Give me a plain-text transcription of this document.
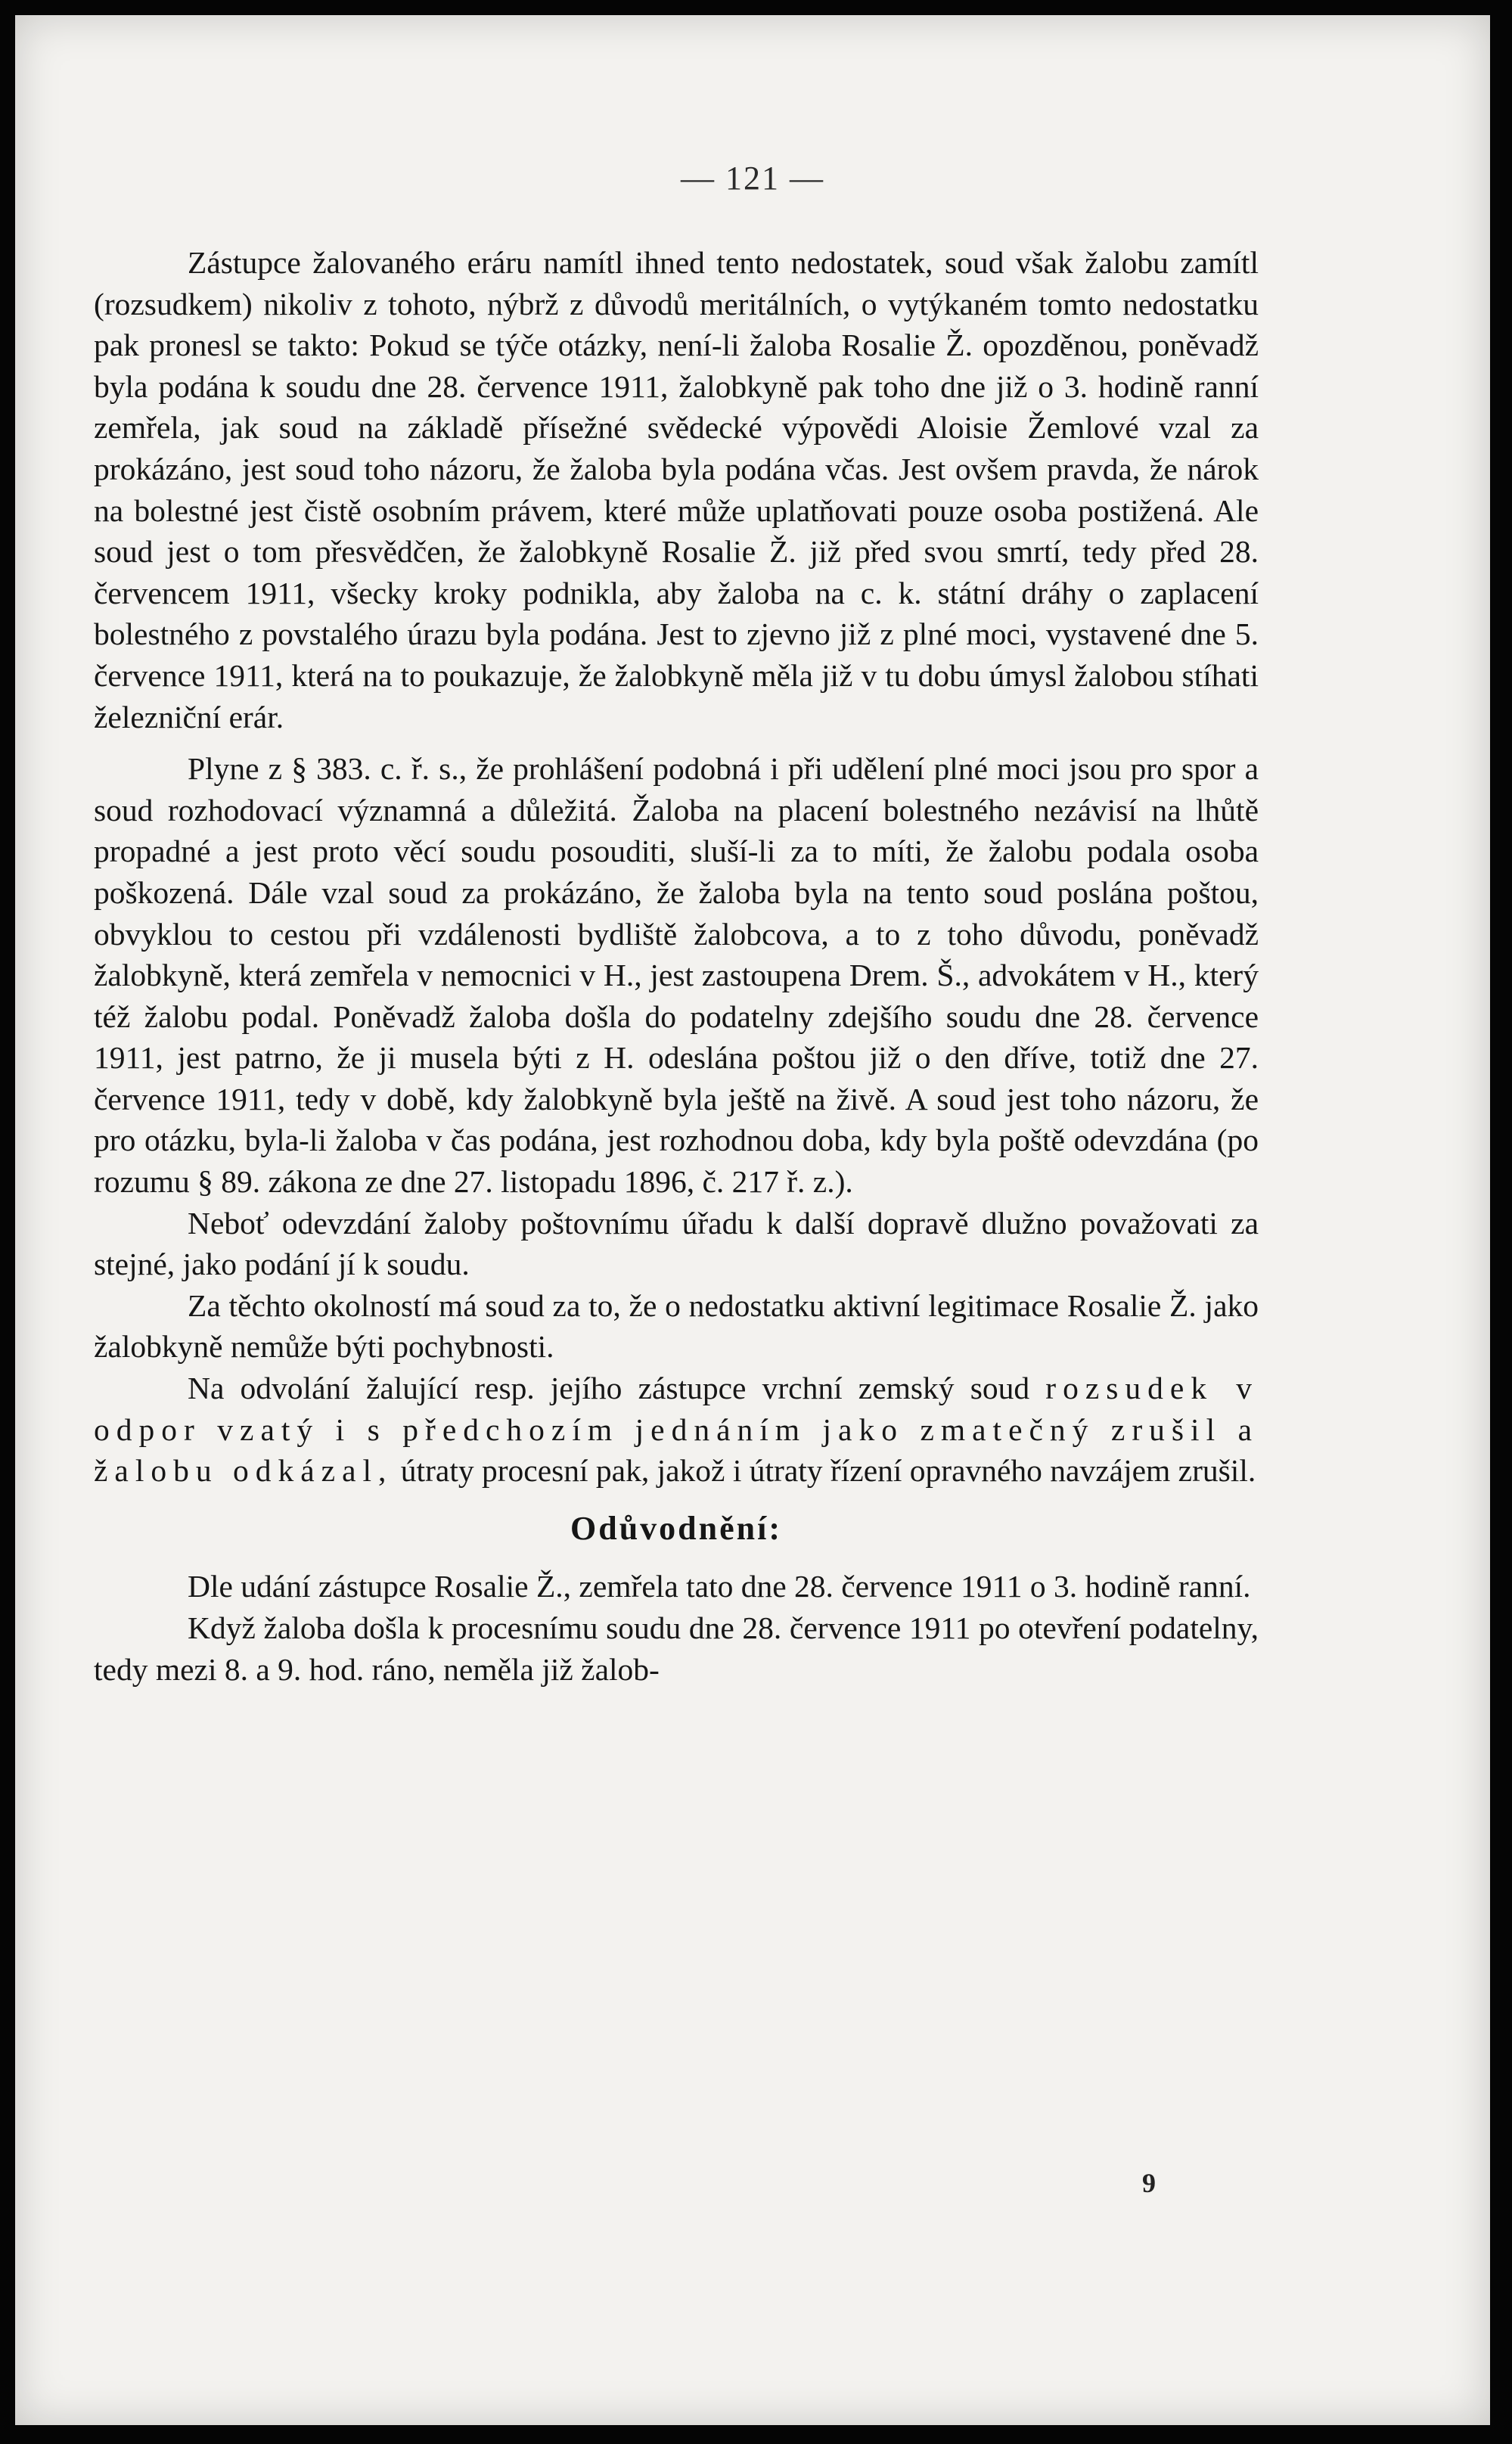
— 121 —

Zástupce žalovaného eráru namítl ihned tento nedostatek, soud však žalobu zamítl (rozsudkem) nikoliv z tohoto, nýbrž z důvodů meritálních, o vytýkaném tomto nedostatku pak pronesl se takto: Pokud se týče otázky, není-li žaloba Rosalie Ž. opozděnou, poněvadž byla podána k soudu dne 28. července 1911, žalobkyně pak toho dne již o 3. hodině ranní zemřela, jak soud na základě přísežné svědecké výpovědi Aloisie Žemlové vzal za prokázáno, jest soud toho názoru, že žaloba byla podána včas. Jest ovšem pravda, že nárok na bolestné jest čistě osobním právem, které může uplatňovati pouze osoba postižená. Ale soud jest o tom přesvědčen, že žalobkyně Rosalie Ž. již před svou smrtí, tedy před 28. červencem 1911, všecky kroky podnikla, aby žaloba na c. k. státní dráhy o zaplacení bolestného z povstalého úrazu byla podána. Jest to zjevno již z plné moci, vystavené dne 5. července 1911, která na to poukazuje, že žalobkyně měla již v tu dobu úmysl žalobou stíhati železniční erár.

Plyne z § 383. c. ř. s., že prohlášení podobná i při udělení plné moci jsou pro spor a soud rozhodovací významná a důležitá. Žaloba na placení bolestného nezávisí na lhůtě propadné a jest proto věcí soudu posouditi, sluší-li za to míti, že žalobu podala osoba poškozená. Dále vzal soud za prokázáno, že žaloba byla na tento soud poslána poštou, obvyklou to cestou při vzdálenosti bydliště žalobcova, a to z toho důvodu, poněvadž žalobkyně, která zemřela v nemocnici v H., jest zastoupena Drem. Š., advokátem v H., který též žalobu podal. Poněvadž žaloba došla do podatelny zdejšího soudu dne 28. července 1911, jest patrno, že ji musela býti z H. odeslána poštou již o den dříve, totiž dne 27. července 1911, tedy v době, kdy žalobkyně byla ještě na živě. A soud jest toho názoru, že pro otázku, byla-li žaloba v čas podána, jest rozhodnou doba, kdy byla poště odevzdána (po rozumu § 89. zákona ze dne 27. listopadu 1896, č. 217 ř. z.).

Neboť odevzdání žaloby poštovnímu úřadu k další dopravě dlužno považovati za stejné, jako podání jí k soudu.

Za těchto okolností má soud za to, že o nedostatku aktivní legitimace Rosalie Ž. jako žalobkyně nemůže býti pochybnosti.

Na odvolání žalující resp. jejího zástupce vrchní zemský soud rozsudek v odpor vzatý i s předchozím jednáním jako zmatečný zrušil a žalobu odkázal, útraty procesní pak, jakož i útraty řízení opravného navzájem zrušil.

Odůvodnění:

Dle udání zástupce Rosalie Ž., zemřela tato dne 28. července 1911 o 3. hodině ranní.

Když žaloba došla k procesnímu soudu dne 28. července 1911 po otevření podatelny, tedy mezi 8. a 9. hod. ráno, neměla již žalob-

9
